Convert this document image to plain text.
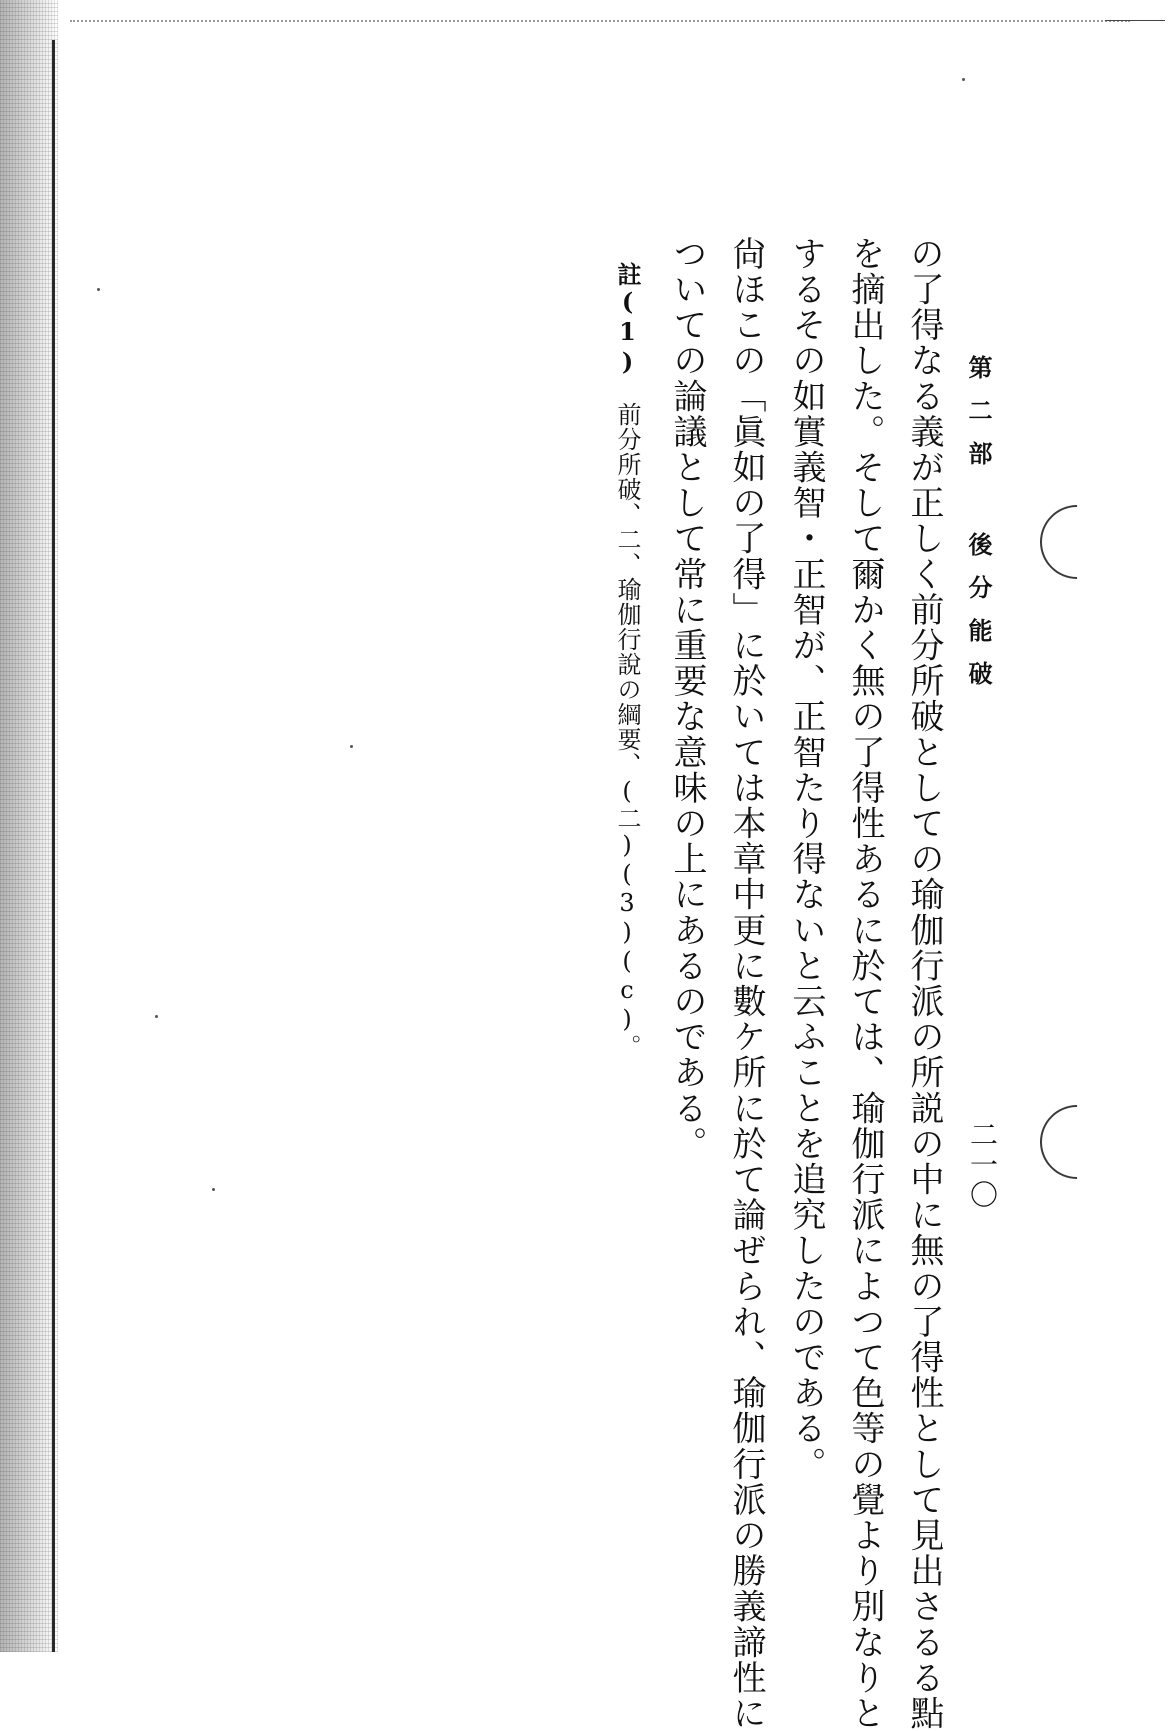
第二部 後分能破
二一〇
の了得なる義が正しく前分所破としての瑜伽行派の所説の中に無の了得性として見出さるる點
を摘出した。そして爾かく無の了得性あるに於ては、瑜伽行派によつて色等の覺より別なりと
するその如實義智・正智が、正智たり得ないと云ふことを追究したのである。
尙ほこの「眞如の了得」に於いては本章中更に數ケ所に於て論ぜられ、瑜伽行派の勝義諦性に
ついての論議として常に重要な意味の上にあるのである。
註(1)　前分所破、二、瑜伽行說の綱要、(二)(3)(c)。
